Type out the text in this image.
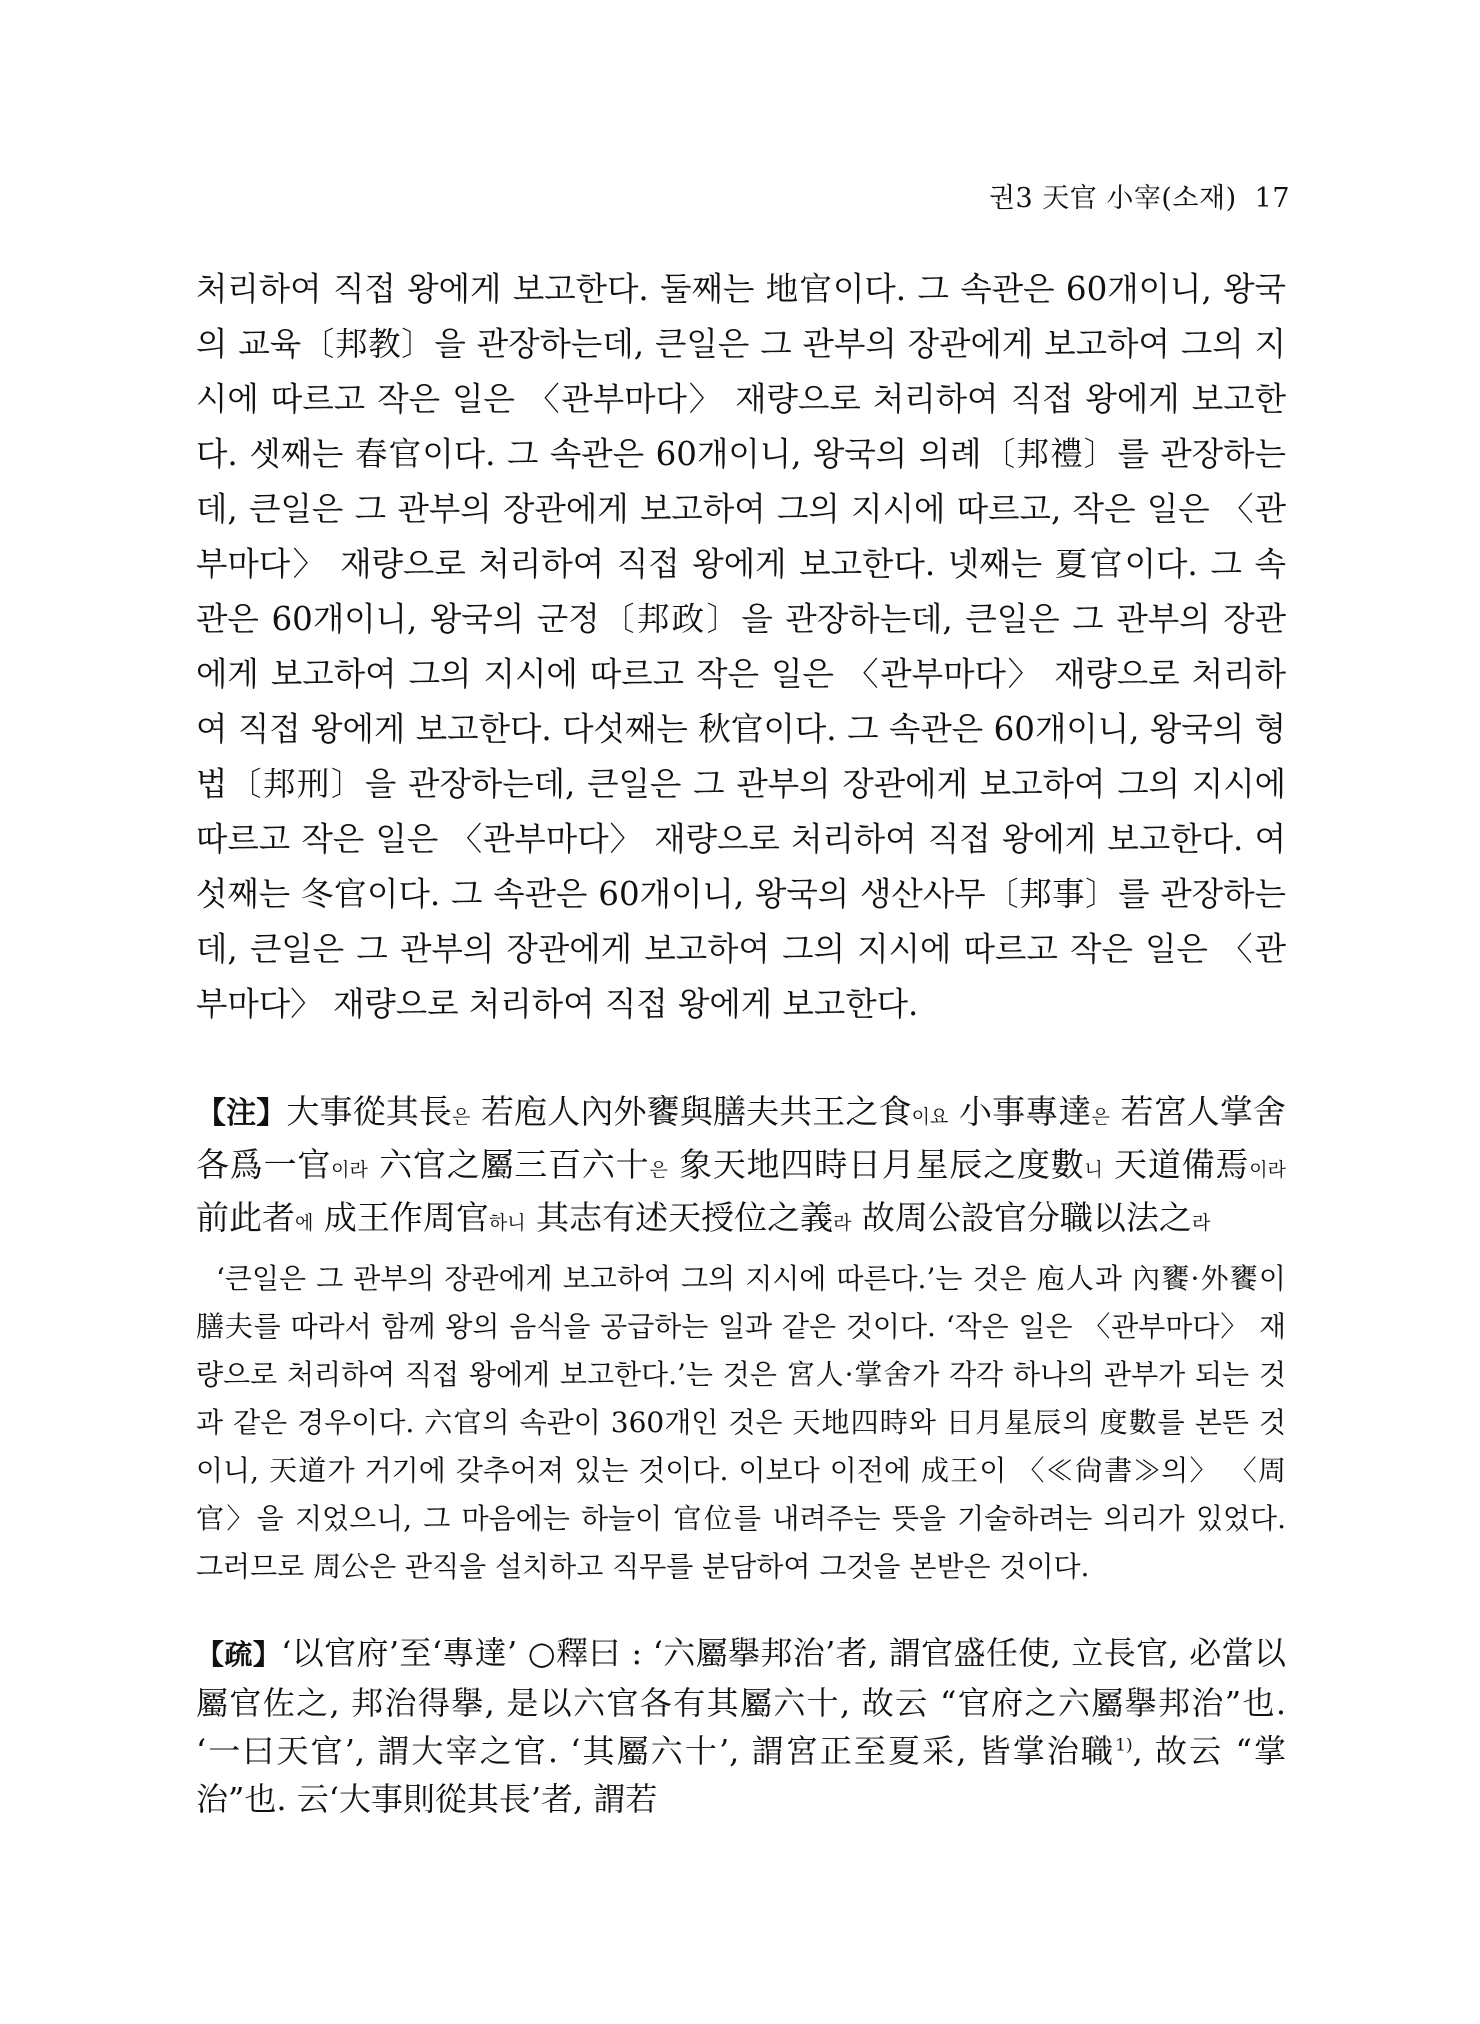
권3 天官 小宰(소재) 17

처리하여 직접 왕에게 보고한다. 둘째는 地官이다. 그 속관은 60개이니, 왕국의 교육〔邦教〕을 관장하는데, 큰일은 그 관부의 장관에게 보고하여 그의 지시에 따르고 작은 일은 〈관부마다〉 재량으로 처리하여 직접 왕에게 보고한다. 셋째는 春官이다. 그 속관은 60개이니, 왕국의 의례〔邦禮〕를 관장하는데, 큰일은 그 관부의 장관에게 보고하여 그의 지시에 따르고, 작은 일은 〈관부마다〉 재량으로 처리하여 직접 왕에게 보고한다. 넷째는 夏官이다. 그 속관은 60개이니, 왕국의 군정〔邦政〕을 관장하는데, 큰일은 그 관부의 장관에게 보고하여 그의 지시에 따르고 작은 일은 〈관부마다〉 재량으로 처리하여 직접 왕에게 보고한다. 다섯째는 秋官이다. 그 속관은 60개이니, 왕국의 형법〔邦刑〕을 관장하는데, 큰일은 그 관부의 장관에게 보고하여 그의 지시에 따르고 작은 일은 〈관부마다〉 재량으로 처리하여 직접 왕에게 보고한다. 여섯째는 冬官이다. 그 속관은 60개이니, 왕국의 생산사무〔邦事〕를 관장하는데, 큰일은 그 관부의 장관에게 보고하여 그의 지시에 따르고 작은 일은 〈관부마다〉 재량으로 처리하여 직접 왕에게 보고한다.

【注】大事從其長은 若庖人內外饔與膳夫共王之食이요 小事專達은 若宮人掌舍 各爲一官이라 六官之屬三百六十은 象天地四時日月星辰之度數니 天道備焉이라 前此者에 成王作周官하니 其志有述天授位之義라 故周公設官分職以法之라

‘큰일은 그 관부의 장관에게 보고하여 그의 지시에 따른다.’는 것은 庖人과 內饔·外饔이 膳夫를 따라서 함께 왕의 음식을 공급하는 일과 같은 것이다. ‘작은 일은 〈관부마다〉 재량으로 처리하여 직접 왕에게 보고한다.’는 것은 宮人·掌舍가 각각 하나의 관부가 되는 것과 같은 경우이다. 六官의 속관이 360개인 것은 天地四時와 日月星辰의 度數를 본뜬 것이니, 天道가 거기에 갖추어져 있는 것이다. 이보다 이전에 成王이 〈≪尙書≫의〉 〈周官〉을 지었으니, 그 마음에는 하늘이 官位를 내려주는 뜻을 기술하려는 의리가 있었다. 그러므로 周公은 관직을 설치하고 직무를 분담하여 그것을 본받은 것이다.

【疏】‘以官府’至‘專達’ ○釋曰 : ‘六屬擧邦治’者, 謂官盛任使, 立長官, 必當以屬官佐之, 邦治得擧, 是以六官各有其屬六十, 故云 “官府之六屬擧邦治”也. ‘一曰天官’, 謂大宰之官. ‘其屬六十’, 謂宮正至夏采, 皆掌治職$^{1)}$, 故云 “掌治”也. 云‘大事則從其長’者, 謂若
